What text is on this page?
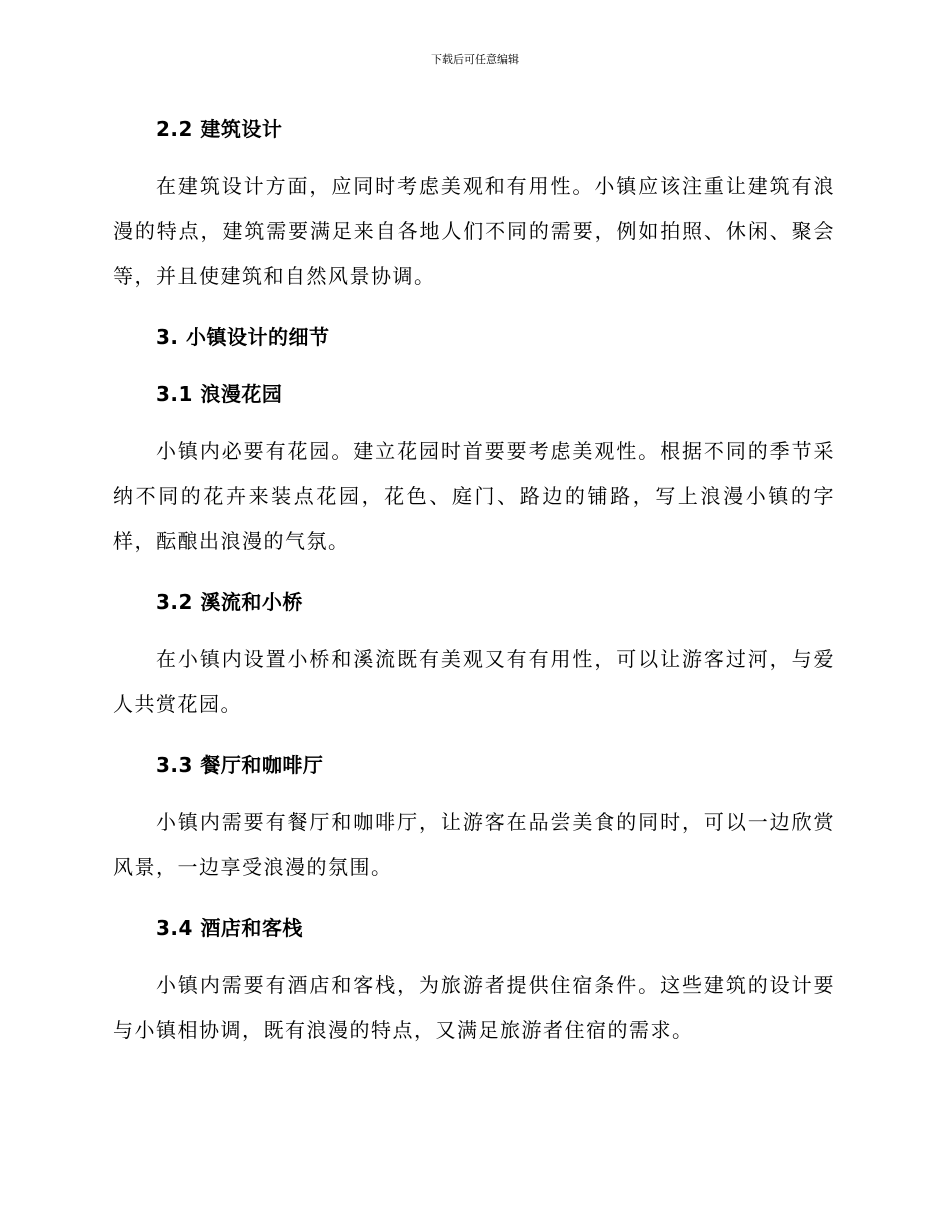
下载后可任意编辑
2.2 建筑设计

在建筑设计方面，应同时考虑美观和有用性。小镇应该注重让建筑有浪漫的特点，建筑需要满足来自各地人们不同的需要，例如拍照、休闲、聚会等，并且使建筑和自然风景协调。

3. 小镇设计的细节
3.1 浪漫花园

小镇内必要有花园。建立花园时首要要考虑美观性。根据不同的季节采纳不同的花卉来装点花园，花色、庭门、路边的铺路，写上浪漫小镇的字样，酝酿出浪漫的气氛。

3.2 溪流和小桥

在小镇内设置小桥和溪流既有美观又有有用性，可以让游客过河，与爱人共赏花园。

3.3 餐厅和咖啡厅

小镇内需要有餐厅和咖啡厅，让游客在品尝美食的同时，可以一边欣赏风景，一边享受浪漫的氛围。

3.4 酒店和客栈

小镇内需要有酒店和客栈，为旅游者提供住宿条件。这些建筑的设计要与小镇相协调，既有浪漫的特点，又满足旅游者住宿的需求。
